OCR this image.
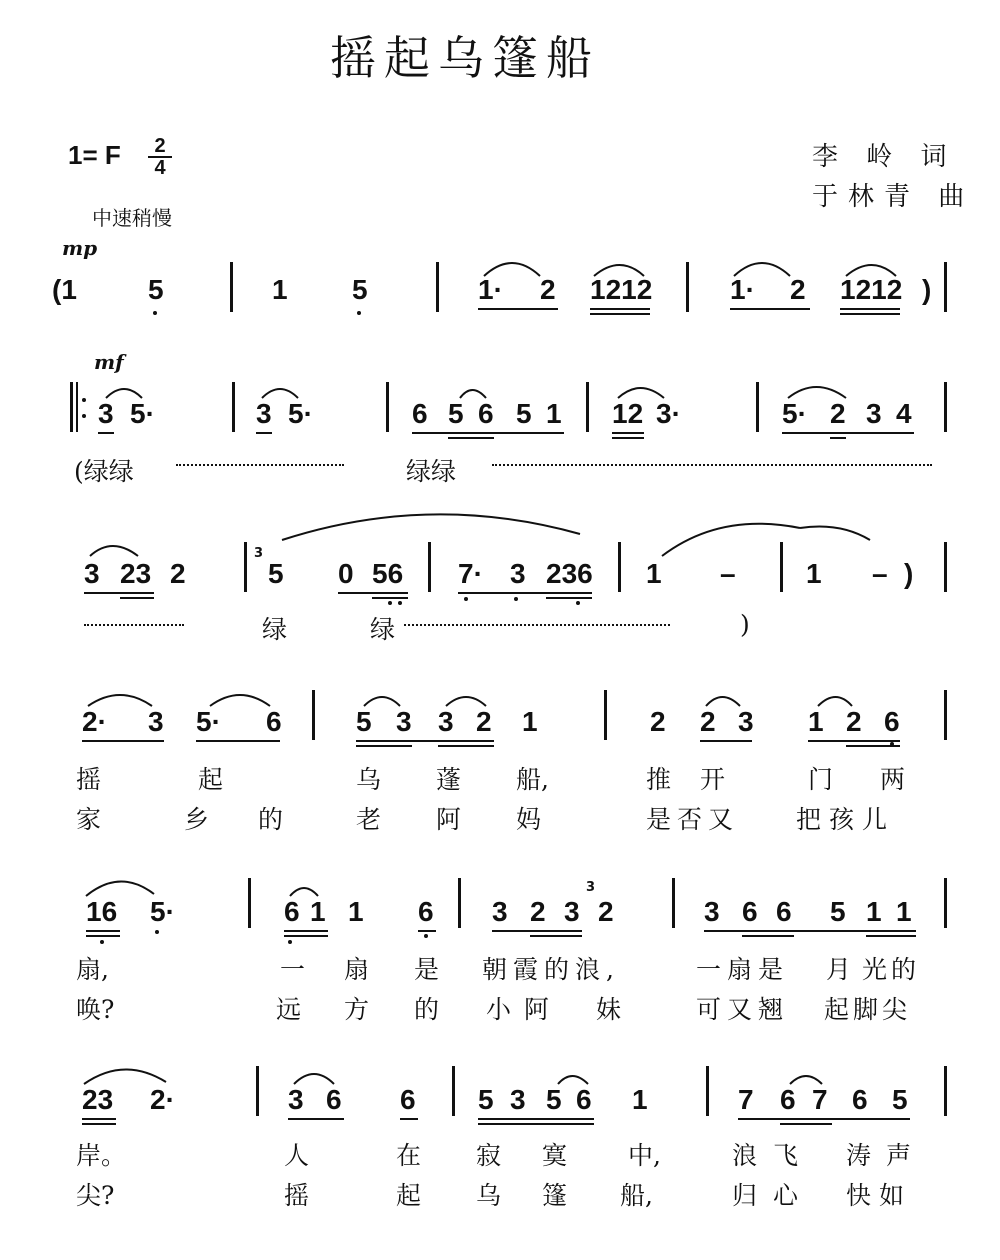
摇起乌篷船
1= F	2
4
中速稍慢
李 岭 词
于林青 曲
mp
mf
(1	5	1 5	1· 2 1212	1· 2 1212 )
3 5·	3 5·	6 5 6 5 1 12 3·	5· 2 3 4
(绿绿	绿绿
3 23 2
3
5 0 56 7· 3 236 1 –	1 – )
绿	绿	)
2· 3 5· 6	5 3 3 2 1	2 2 3 1 2 6
摇	起	乌 蓬 船,	推 开	门 两
家	乡 的	老 阿 妈	是否又 把孩儿
16 5·	6 1 1 6 3 2 3
3
2	3 6 6 5 1 1
扇,	一 扇 是 朝霞的浪,	一扇是 月 光的
唤?	远 方 的 小 阿 妹	可又翘 起脚尖
23 2·	3 6 6 5 3 5 6 1	7 6 7 6 5
岸。	人	在 寂 寞 中,	浪飞 涛 声
尖?	摇	起 乌 篷 船,	归心 快如
